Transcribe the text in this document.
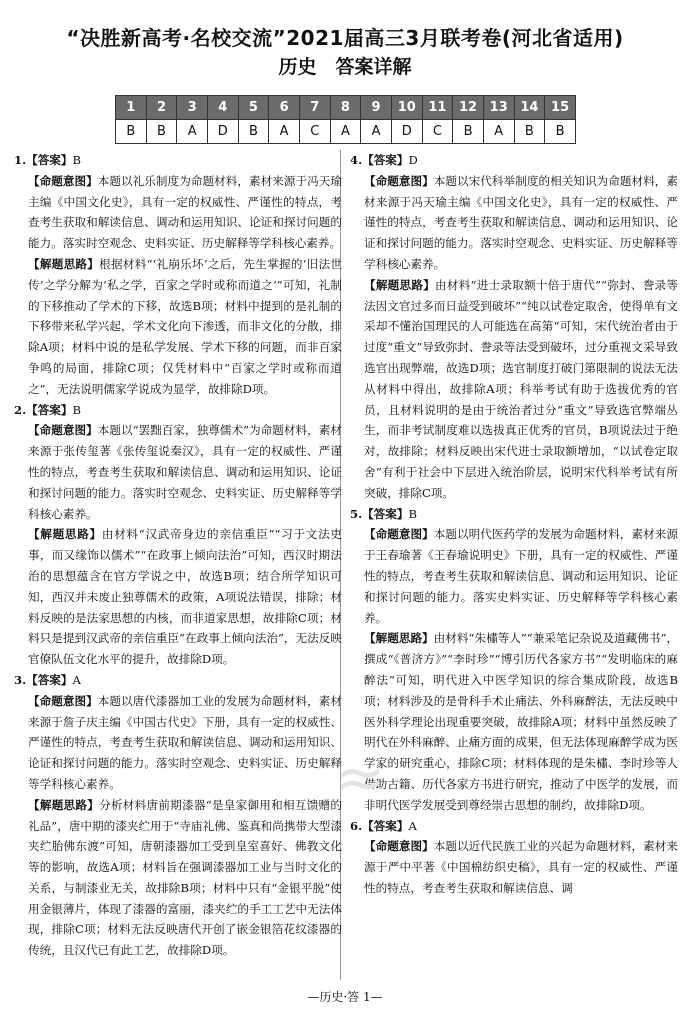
“决胜新高考·名校交流”2021届高三3月联考卷(河北省适用)
历史　答案详解
1	2	3	4	5	6	7	8	9	10	11	12	13	14	15
B	B	A	D	B	A	C	A	A	D	C	B	A	B	B

1.【答案】B

【命题意图】本题以礼乐制度为命题材料，素材来源于冯天瑜主编《中国文化史》，具有一定的权威性、严谨性的特点，考查考生获取和解读信息、调动和运用知识、论证和探讨问题的能力。落实时空观念、史料实证、历史解释等学科核心素养。

【解题思路】根据材料“‘礼崩乐坏’之后，先生掌握的‘旧法世传’之学分解为‘私之学，百家之学时或称而道之’”可知，礼制的下移推动了学术的下移，故选B项；材料中提到的是礼制的下移带来私学兴起，学术文化向下渗透，而非文化的分散，排除A项；材料中说的是私学发展、学术下移的问题，而非百家争鸣的局面，排除C项；仅凭材料中“百家之学时或称而道之”，无法说明儒家学说成为显学，故排除D项。

2.【答案】B

【命题意图】本题以“罢黜百家，独尊儒术”为命题材料，素材来源于张传玺著《张传玺说秦汉》，具有一定的权威性、严谨性的特点，考查考生获取和解读信息、调动和运用知识、论证和探讨问题的能力。落实时空观念、史料实证、历史解释等学科核心素养。

【解题思路】由材料“汉武帝身边的亲信重臣”“习于文法吏事，而又缘饰以儒术”“在政事上倾向法治”可知，西汉时期法治的思想蕴含在官方学说之中，故选B项；结合所学知识可知，西汉并未废止独尊儒术的政策，A项说法错误，排除；材料反映的是法家思想的内核，而非道家思想，故排除C项；材料只是提到汉武帝的亲信重臣“在政事上倾向法治”，无法反映官僚队伍文化水平的提升，故排除D项。

3.【答案】A

【命题意图】本题以唐代漆器加工业的发展为命题材料，素材来源于詹子庆主编《中国古代史》下册，具有一定的权威性、严谨性的特点，考查考生获取和解读信息、调动和运用知识、论证和探讨问题的能力。落实时空观念、史料实证、历史解释等学科核心素养。

【解题思路】分析材料唐前期漆器“是皇家御用和相互馈赠的礼品”，唐中期的漆夹纻用于“寺庙礼佛、鉴真和尚携带大型漆夹纻胎佛东渡”可知，唐朝漆器加工受到皇室喜好、佛教文化等的影响，故选A项；材料旨在强调漆器加工业与当时文化的关系，与制漆业无关，故排除B项；材料中只有“金银平脱”使用金银薄片，体现了漆器的富丽，漆夹纻的手工工艺中无法体现，排除C项；材料无法反映唐代开创了嵌金银箔花纹漆器的传统，且汉代已有此工艺，故排除D项。

4.【答案】D

【命题意图】本题以宋代科举制度的相关知识为命题材料，素材来源于冯天瑜主编《中国文化史》，具有一定的权威性、严谨性的特点，考查考生获取和解读信息、调动和运用知识、论证和探讨问题的能力。落实时空观念、史料实证、历史解释等学科核心素养。

【解题思路】由材料“进士录取额十倍于唐代”“弥封、誊录等法因文官过多而日益受到破坏”“纯以试卷定取舍，使得单有文采却不懂治国理民的人可能选在高第”可知，宋代统治者由于过度“重文”导致弥封、誊录等法受到破坏，过分重视文采导致选官出现弊端，故选D项；选官制度打破门第限制的说法无法从材料中得出，故排除A项；科举考试有助于选拔优秀的官员，且材料说明的是由于统治者过分“重文”导致选官弊端丛生，而非考试制度难以选拔真正优秀的官员，B项说法过于绝对，故排除；材料反映出宋代进士录取额增加，“以试卷定取舍”有利于社会中下层进入统治阶层，说明宋代科举考试有所突破，排除C项。

5.【答案】B

【命题意图】本题以明代医药学的发展为命题材料，素材来源于王春瑜著《王春瑜说明史》下册，具有一定的权威性、严谨性的特点，考查考生获取和解读信息、调动和运用知识、论证和探讨问题的能力。落实史料实证、历史解释等学科核心素养。

【解题思路】由材料“朱橚等人”“兼采笔记杂说及道藏佛书”，撰成“《普济方》”“李时珍”“博引历代各家方书”“发明临床的麻醉法”可知，明代进入中医学知识的综合集成阶段，故选B项；材料涉及的是骨科手术止痛法、外科麻醉法，无法反映中医外科学理论出现重要突破，故排除A项；材料中虽然反映了明代在外科麻醉、止痛方面的成果，但无法体现麻醉学成为医学家的研究重心，排除C项；材料体现的是朱橚、李时珍等人借助古籍、历代各家方书进行研究，推动了中医学的发展，而非明代医学发展受到尊经崇古思想的制约，故排除D项。

6.【答案】A

【命题意图】本题以近代民族工业的兴起为命题材料，素材来源于严中平著《中国棉纺织史稿》，具有一定的权威性、严谨性的特点，考查考生获取和解读信息、调

≈
—历史·答 1—
